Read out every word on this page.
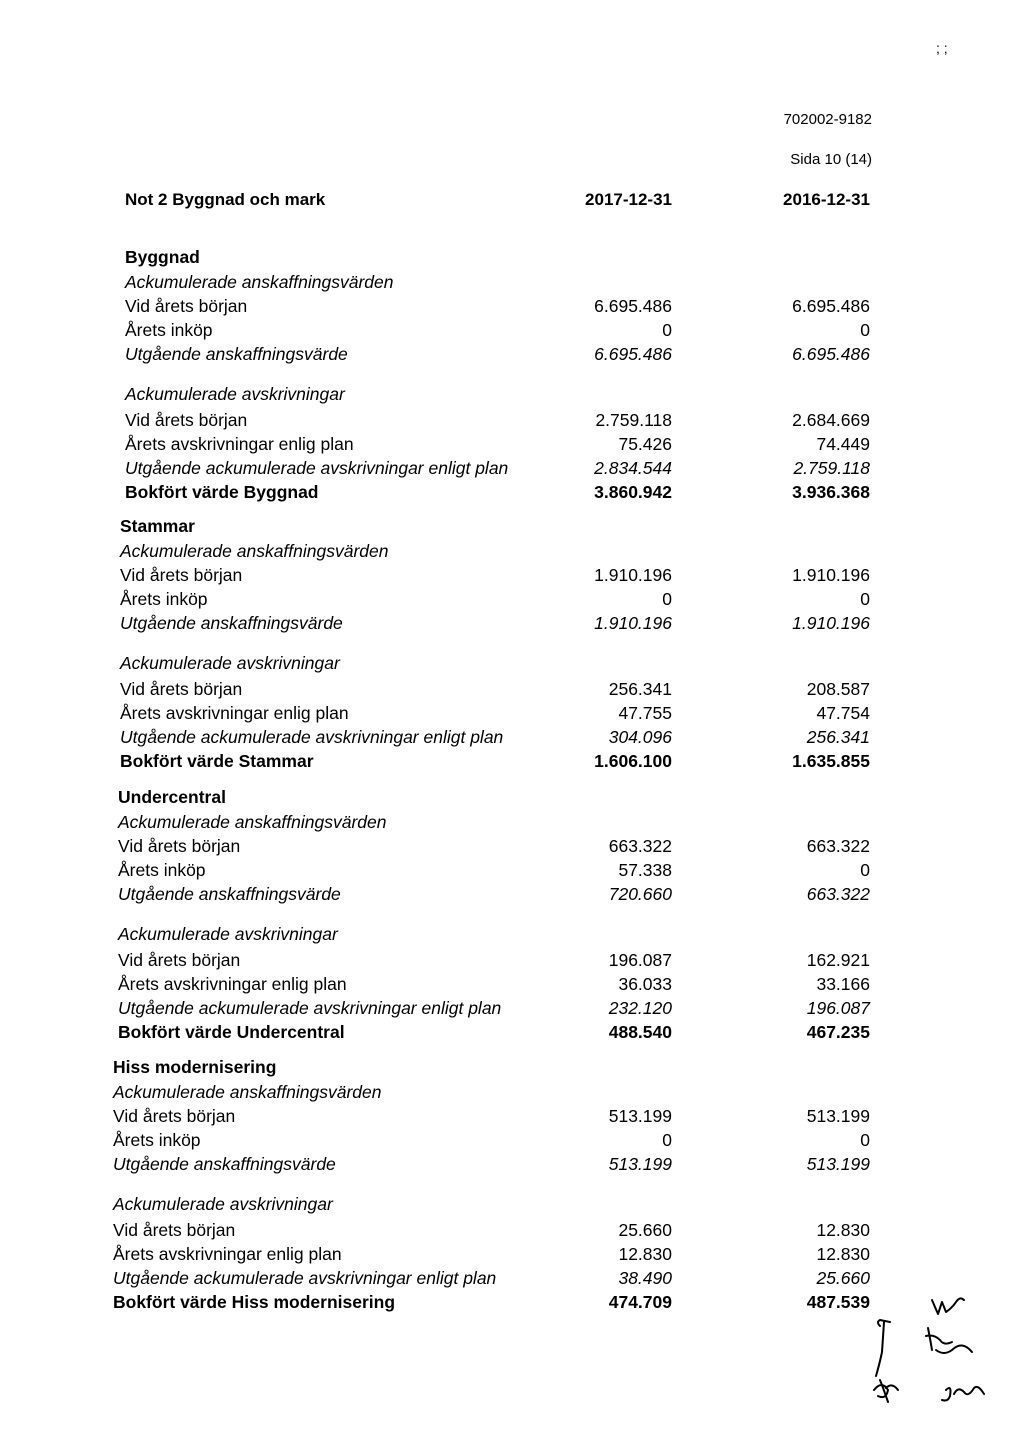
; ;
702002-9182
Sida 10 (14)
Not 2 Byggnad och mark	2017-12-31	2016-12-31
Byggnad
Ackumulerade anskaffningsvärden
Vid årets början	6.695.486	6.695.486
Årets inköp	0	0
Utgående anskaffningsvärde	6.695.486	6.695.486
Ackumulerade avskrivningar
Vid årets början	2.759.118	2.684.669
Årets avskrivningar enlig plan	75.426	74.449
Utgående ackumulerade avskrivningar enligt plan	2.834.544	2.759.118
Bokfört värde Byggnad	3.860.942	3.936.368
Stammar
Ackumulerade anskaffningsvärden
Vid årets början	1.910.196	1.910.196
Årets inköp	0	0
Utgående anskaffningsvärde	1.910.196	1.910.196
Ackumulerade avskrivningar
Vid årets början	256.341	208.587
Årets avskrivningar enlig plan	47.755	47.754
Utgående ackumulerade avskrivningar enligt plan	304.096	256.341
Bokfört värde Stammar	1.606.100	1.635.855
Undercentral
Ackumulerade anskaffningsvärden
Vid årets början	663.322	663.322
Årets inköp	57.338	0
Utgående anskaffningsvärde	720.660	663.322
Ackumulerade avskrivningar
Vid årets början	196.087	162.921
Årets avskrivningar enlig plan	36.033	33.166
Utgående ackumulerade avskrivningar enligt plan	232.120	196.087
Bokfört värde Undercentral	488.540	467.235
Hiss modernisering
Ackumulerade anskaffningsvärden
Vid årets början	513.199	513.199
Årets inköp	0	0
Utgående anskaffningsvärde	513.199	513.199
Ackumulerade avskrivningar
Vid årets början	25.660	12.830
Årets avskrivningar enlig plan	12.830	12.830
Utgående ackumulerade avskrivningar enligt plan	38.490	25.660
Bokfört värde Hiss modernisering	474.709	487.539
